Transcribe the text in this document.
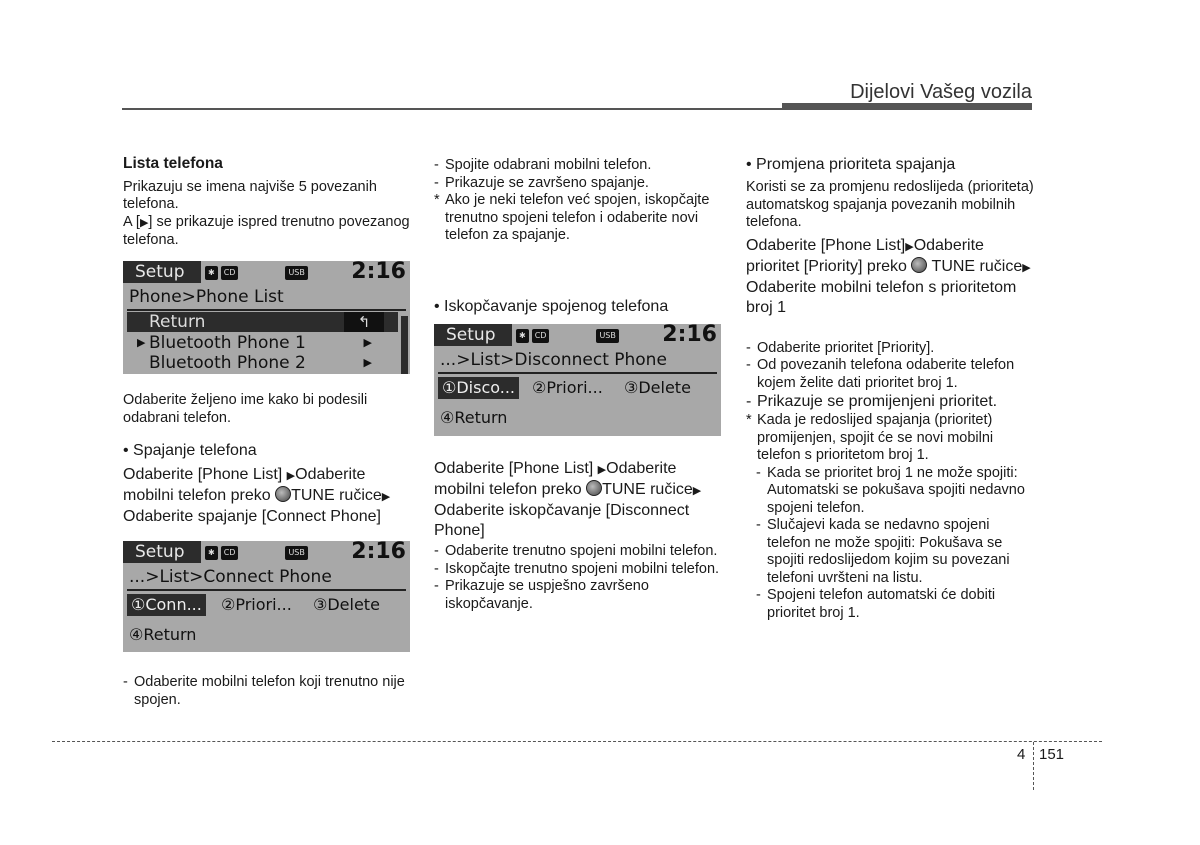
Dijelovi Vašeg vozila

Lista telefona

Prikazuju se imena najviše 5 povezanih telefona.

A [▶] se prikazuje ispred trenutno povezanog telefona.

Setup	✱	CD	USB 2:16
Phone>Phone List
Return	↰
▶ Bluetooth Phone 1	▶
Bluetooth Phone 2	▶

Odaberite željeno ime kako bi podesili odabrani telefon.

• Spajanje telefona

Odaberite [Phone List] ▶Odaberite mobilni telefon preko TUNE ručice▶ Odaberite spajanje [Connect Phone]

Setup	✱	CD	USB 2:16
...>List>Connect Phone
①Conn... ②Priori... ③Delete
④Return
- Odaberite mobilni telefon koji trenutno nije spojen.
- Spojite odabrani mobilni telefon.
- Prikazuje se završeno spajanje.
* Ako je neki telefon već spojen, iskopčajte trenutno spojeni telefon i odaberite novi telefon za spajanje.

• Iskopčavanje spojenog telefona

Setup	✱	CD	USB 2:16
...>List>Disconnect Phone
①Disco... ②Priori... ③Delete
④Return

Odaberite [Phone List] ▶Odaberite mobilni telefon preko TUNE ručice▶ Odaberite iskopčavanje [Disconnect Phone]

- Odaberite trenutno spojeni mobilni telefon.
- Iskopčajte trenutno spojeni mobilni telefon.
- Prikazuje se uspješno završeno iskopčavanje.

• Promjena prioriteta spajanja

Koristi se za promjenu redoslijeda (prioriteta) automatskog spajanja povezanih mobilnih telefona.

Odaberite [Phone List]▶Odaberite prioritet [Priority] preko TUNE ručice▶ Odaberite mobilni telefon s prioritetom broj 1

- Odaberite prioritet [Priority].
- Od povezanih telefona odaberite telefon kojem želite dati prioritet broj 1.
- Prikazuje se promijenjeni prioritet.
* Kada je redoslijed spajanja (prioritet) promijenjen, spojit će se novi mobilni telefon s prioritetom broj 1.
- Kada se prioritet broj 1 ne može spojiti: Automatski se pokušava spojiti nedavno spojeni telefon.
- Slučajevi kada se nedavno spojeni telefon ne može spojiti: Pokušava se spojiti redoslijedom kojim su povezani telefoni uvršteni na listu.
- Spojeni telefon automatski će dobiti prioritet broj 1.
4 151
